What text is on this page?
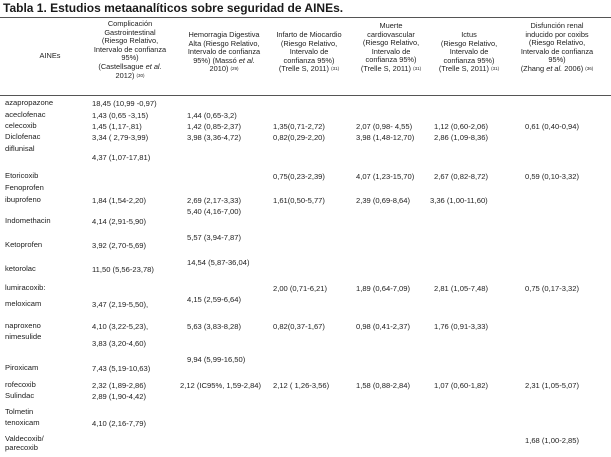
Tabla 1. Estudios metaanalíticos sobre seguridad de AINEs.
AINEs
Complicación
Gastrointestinal
(Riesgo Relativo,
Intervalo de confianza
95%)
(Castellsague et al.
2012) $^{(30)}$
Hemorragia Digestiva
Alta (Riesgo Relativo,
Intervalo de confianza
95%) (Massó et al.
2010) $^{(29)}$
Infarto de Miocardio
(Riesgo Relativo,
Intervalo de
confianza 95%)
(Trelle S, 2011) $^{(31)}$
Muerte
cardiovascular
(Riesgo Relativo,
Intervalo de
confianza 95%)
(Trelle S, 2011) $^{(31)}$
Ictus
(Riesgo Relativo,
Intervalo de
confianza 95%)
(Trelle S, 2011) $^{(31)}$
Disfunción renal
inducido por coxibs
(Riesgo Relativo,
Intervalo de confianza
95%)
(Zhang et al. 2006) $^{(36)}$
azapropazone
aceclofenac
celecoxib
Diclofenac
diflunisal
Etoricoxib
Fenoprofen
ibuprofeno
Indomethacin
Ketoprofen
ketorolac
lumiracoxib:
meloxicam
naproxeno
nimesulide
Piroxicam
rofecoxib
Sulindac
Tolmetin
tenoxicam
Valdecoxib/
parecoxib
18,45 (10,99 -0,97)
1,43 (0,65 -3,15)
1,45 (1,17-,81)
3,34 ( 2,79-3,99)
4,37 (1,07-17,81)
1,84 (1,54-2,20)
4,14 (2,91-5,90)
3,92 (2,70-5,69)
11,50 (5,56-23,78)
3,47 (2,19-5,50),
4,10 (3,22-5,23),
3,83 (3,20-4,60)
7,43 (5,19-10,63)
2,32 (1,89-2,86)
2,89 (1,90-4,42)
4,10 (2,16-7,79)
1,44 (0,65-3,2)
1,42 (0,85-2,37)
3,98 (3,36-4,72)
2,69 (2,17-3,33)
5,40 (4,16-7,00)
5,57 (3,94-7,87)
14,54 (5,87-36,04)
4,15 (2,59-6,64)
5,63 (3,83-8,28)
9,94 (5,99-16,50)
2,12 (IC95%, 1,59-2,84)
1,35(0,71-2,72)
0,82(0,29-2,20)
0,75(0,23-2,39)
1,61(0,50-5,77)
2,00 (0,71-6,21)
0,82(0,37-1,67)
2,12 ( 1,26-3,56)
2,07 (0,98- 4,55)
3,98 (1,48-12,70)
4,07 (1,23-15,70)
2,39 (0,69-8,64)
1,89 (0,64-7,09)
0,98 (0,41-2,37)
1,58 (0,88-2,84)
1,12 (0,60-2,06)
2,86 (1,09-8,36)
2,67 (0,82-8,72)
3,36 (1,00-11,60)
2,81 (1,05-7,48)
1,76 (0,91-3,33)
1,07 (0,60-1,82)
0,61 (0,40-0,94)
0,59 (0,10-3,32)
0,75 (0,17-3,32)
2,31 (1,05-5,07)
1,68 (1,00-2,85)
